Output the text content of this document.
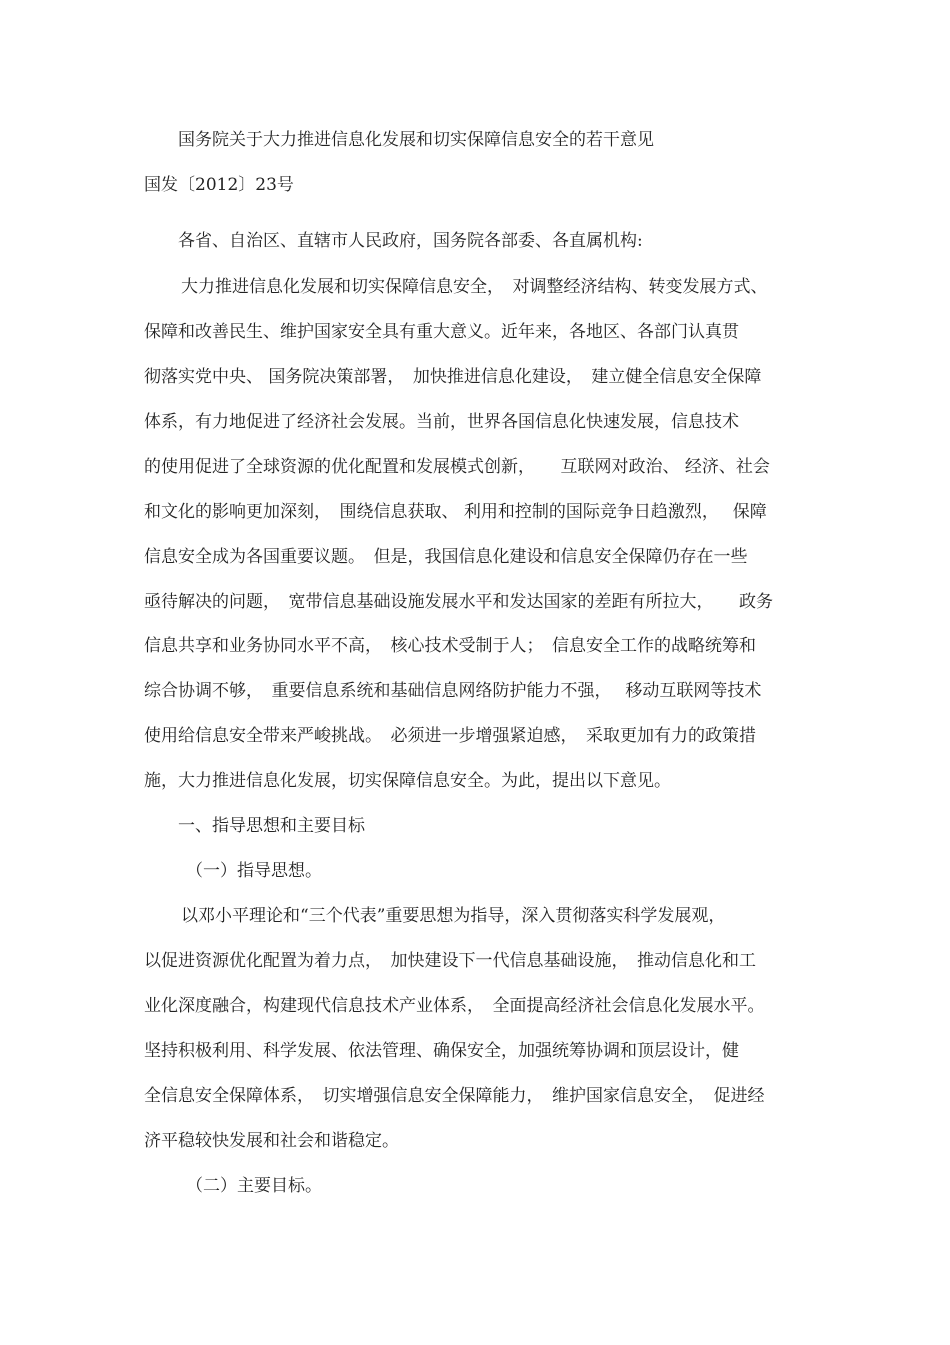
国务院关于大力推进信息化发展和切实保障信息安全的若干意见
国发〔2012〕23号
各省、自治区、直辖市人民政府，国务院各部委、各直属机构:
大力推进信息化发展和切实保障信息安全，　对调整经济结构、转变发展方式、
保障和改善民生、维护国家安全具有重大意义。近年来，各地区、各部门认真贯
彻落实党中央、 国务院决策部署，　加快推进信息化建设，　建立健全信息安全保障
体系，有力地促进了经济社会发展。当前，世界各国信息化快速发展，信息技术
的使用促进了全球资源的优化配置和发展模式创新，　　互联网对政治、 经济、社会
和文化的影响更加深刻，　围绕信息获取、 利用和控制的国际竞争日趋激烈，　 保障
信息安全成为各国重要议题。　但是，我国信息化建设和信息安全保障仍存在一些
亟待解决的问题，　宽带信息基础设施发展水平和发达国家的差距有所拉大，　　政务
信息共享和业务协同水平不高，　核心技术受制于人；　信息安全工作的战略统筹和
综合协调不够，　重要信息系统和基础信息网络防护能力不强，　 移动互联网等技术
使用给信息安全带来严峻挑战。　必须进一步增强紧迫感，　采取更加有力的政策措
施，大力推进信息化发展，切实保障信息安全。为此，提出以下意见。
一、指导思想和主要目标
（一）指导思想。
以邓小平理论和“三个代表”重要思想为指导，深入贯彻落实科学发展观，
以促进资源优化配置为着力点，　加快建设下一代信息基础设施，　推动信息化和工
业化深度融合，构建现代信息技术产业体系，　全面提高经济社会信息化发展水平。
坚持积极利用、科学发展、依法管理、确保安全，加强统筹协调和顶层设计，健
全信息安全保障体系，　切实增强信息安全保障能力，　维护国家信息安全，　促进经
济平稳较快发展和社会和谐稳定。
（二）主要目标。
